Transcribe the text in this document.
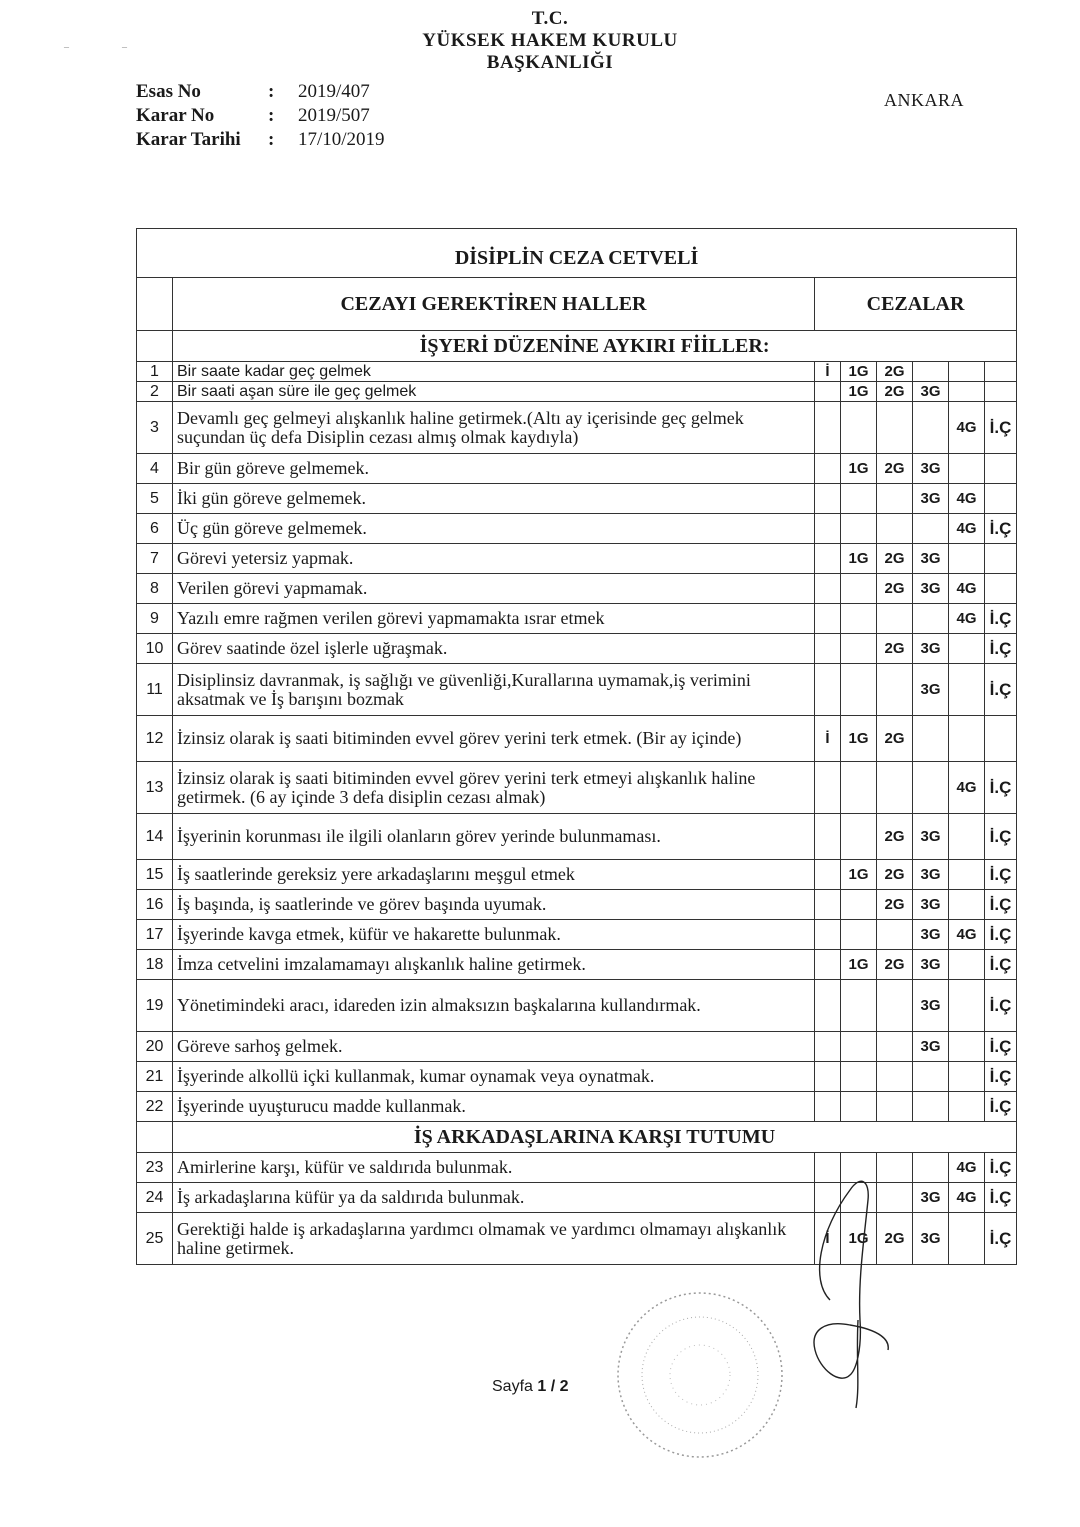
T.C.
YÜKSEK HAKEM KURULU
BAŞKANLIĞI
Esas No	:	2019/407
Karar No	:	2019/507
Karar Tarihi	:	17/10/2019
ANKARA
–	–
DİSİPLİN CEZA CETVELİ							
	CEZAYI GEREKTİREN HALLER	CEZALAR					
	İŞYERİ DÜZENİNE AYKIRI FİİLLER:						
1	Bir saate kadar geç gelmek	İ	1G	2G			
2	Bir saati aşan süre ile geç gelmek		1G	2G	3G		
3	Devamlı geç gelmeyi alışkanlık haline getirmek.(Altı ay içerisinde geç gelmek suçundan üç defa Disiplin cezası almış olmak kaydıyla)					4G	İ.Ç
4	Bir gün göreve gelmemek.		1G	2G	3G		
5	İki gün göreve gelmemek.				3G	4G	
6	Üç gün göreve gelmemek.					4G	İ.Ç
7	Görevi yetersiz yapmak.		1G	2G	3G		
8	Verilen görevi yapmamak.			2G	3G	4G	
9	Yazılı emre rağmen verilen görevi yapmamakta ısrar etmek					4G	İ.Ç
10	Görev saatinde özel işlerle uğraşmak.			2G	3G		İ.Ç
11	Disiplinsiz davranmak, iş sağlığı ve güvenliği,Kurallarına uymamak,iş verimini aksatmak ve İş barışını bozmak				3G		İ.Ç
12	İzinsiz olarak iş saati bitiminden evvel görev yerini terk etmek. (Bir ay içinde)	İ	1G	2G			
13	İzinsiz olarak iş saati bitiminden evvel görev yerini terk etmeyi alışkanlık haline getirmek. (6 ay içinde 3 defa disiplin cezası almak)					4G	İ.Ç
14	İşyerinin korunması ile ilgili olanların görev yerinde bulunmaması.			2G	3G		İ.Ç
15	İş saatlerinde gereksiz yere arkadaşlarını meşgul etmek		1G	2G	3G		İ.Ç
16	İş başında, iş saatlerinde ve görev başında uyumak.			2G	3G		İ.Ç
17	İşyerinde kavga etmek, küfür ve hakarette bulunmak.				3G	4G	İ.Ç
18	İmza cetvelini imzalamamayı alışkanlık haline getirmek.		1G	2G	3G		İ.Ç
19	Yönetimindeki aracı, idareden izin almaksızın başkalarına kullandırmak.				3G		İ.Ç
20	Göreve sarhoş gelmek.				3G		İ.Ç
21	İşyerinde alkollü içki kullanmak, kumar oynamak veya oynatmak.						İ.Ç
22	İşyerinde uyuşturucu madde kullanmak.						İ.Ç
	İŞ ARKADAŞLARINA KARŞI TUTUMU						
23	Amirlerine karşı, küfür ve saldırıda bulunmak.					4G	İ.Ç
24	İş arkadaşlarına küfür ya da saldırıda bulunmak.				3G	4G	İ.Ç
25	Gerektiği halde iş arkadaşlarına yardımcı olmamak ve yardımcı olmamayı alışkanlık haline getirmek.	İ	1G	2G	3G		İ.Ç
Sayfa 1 / 2
